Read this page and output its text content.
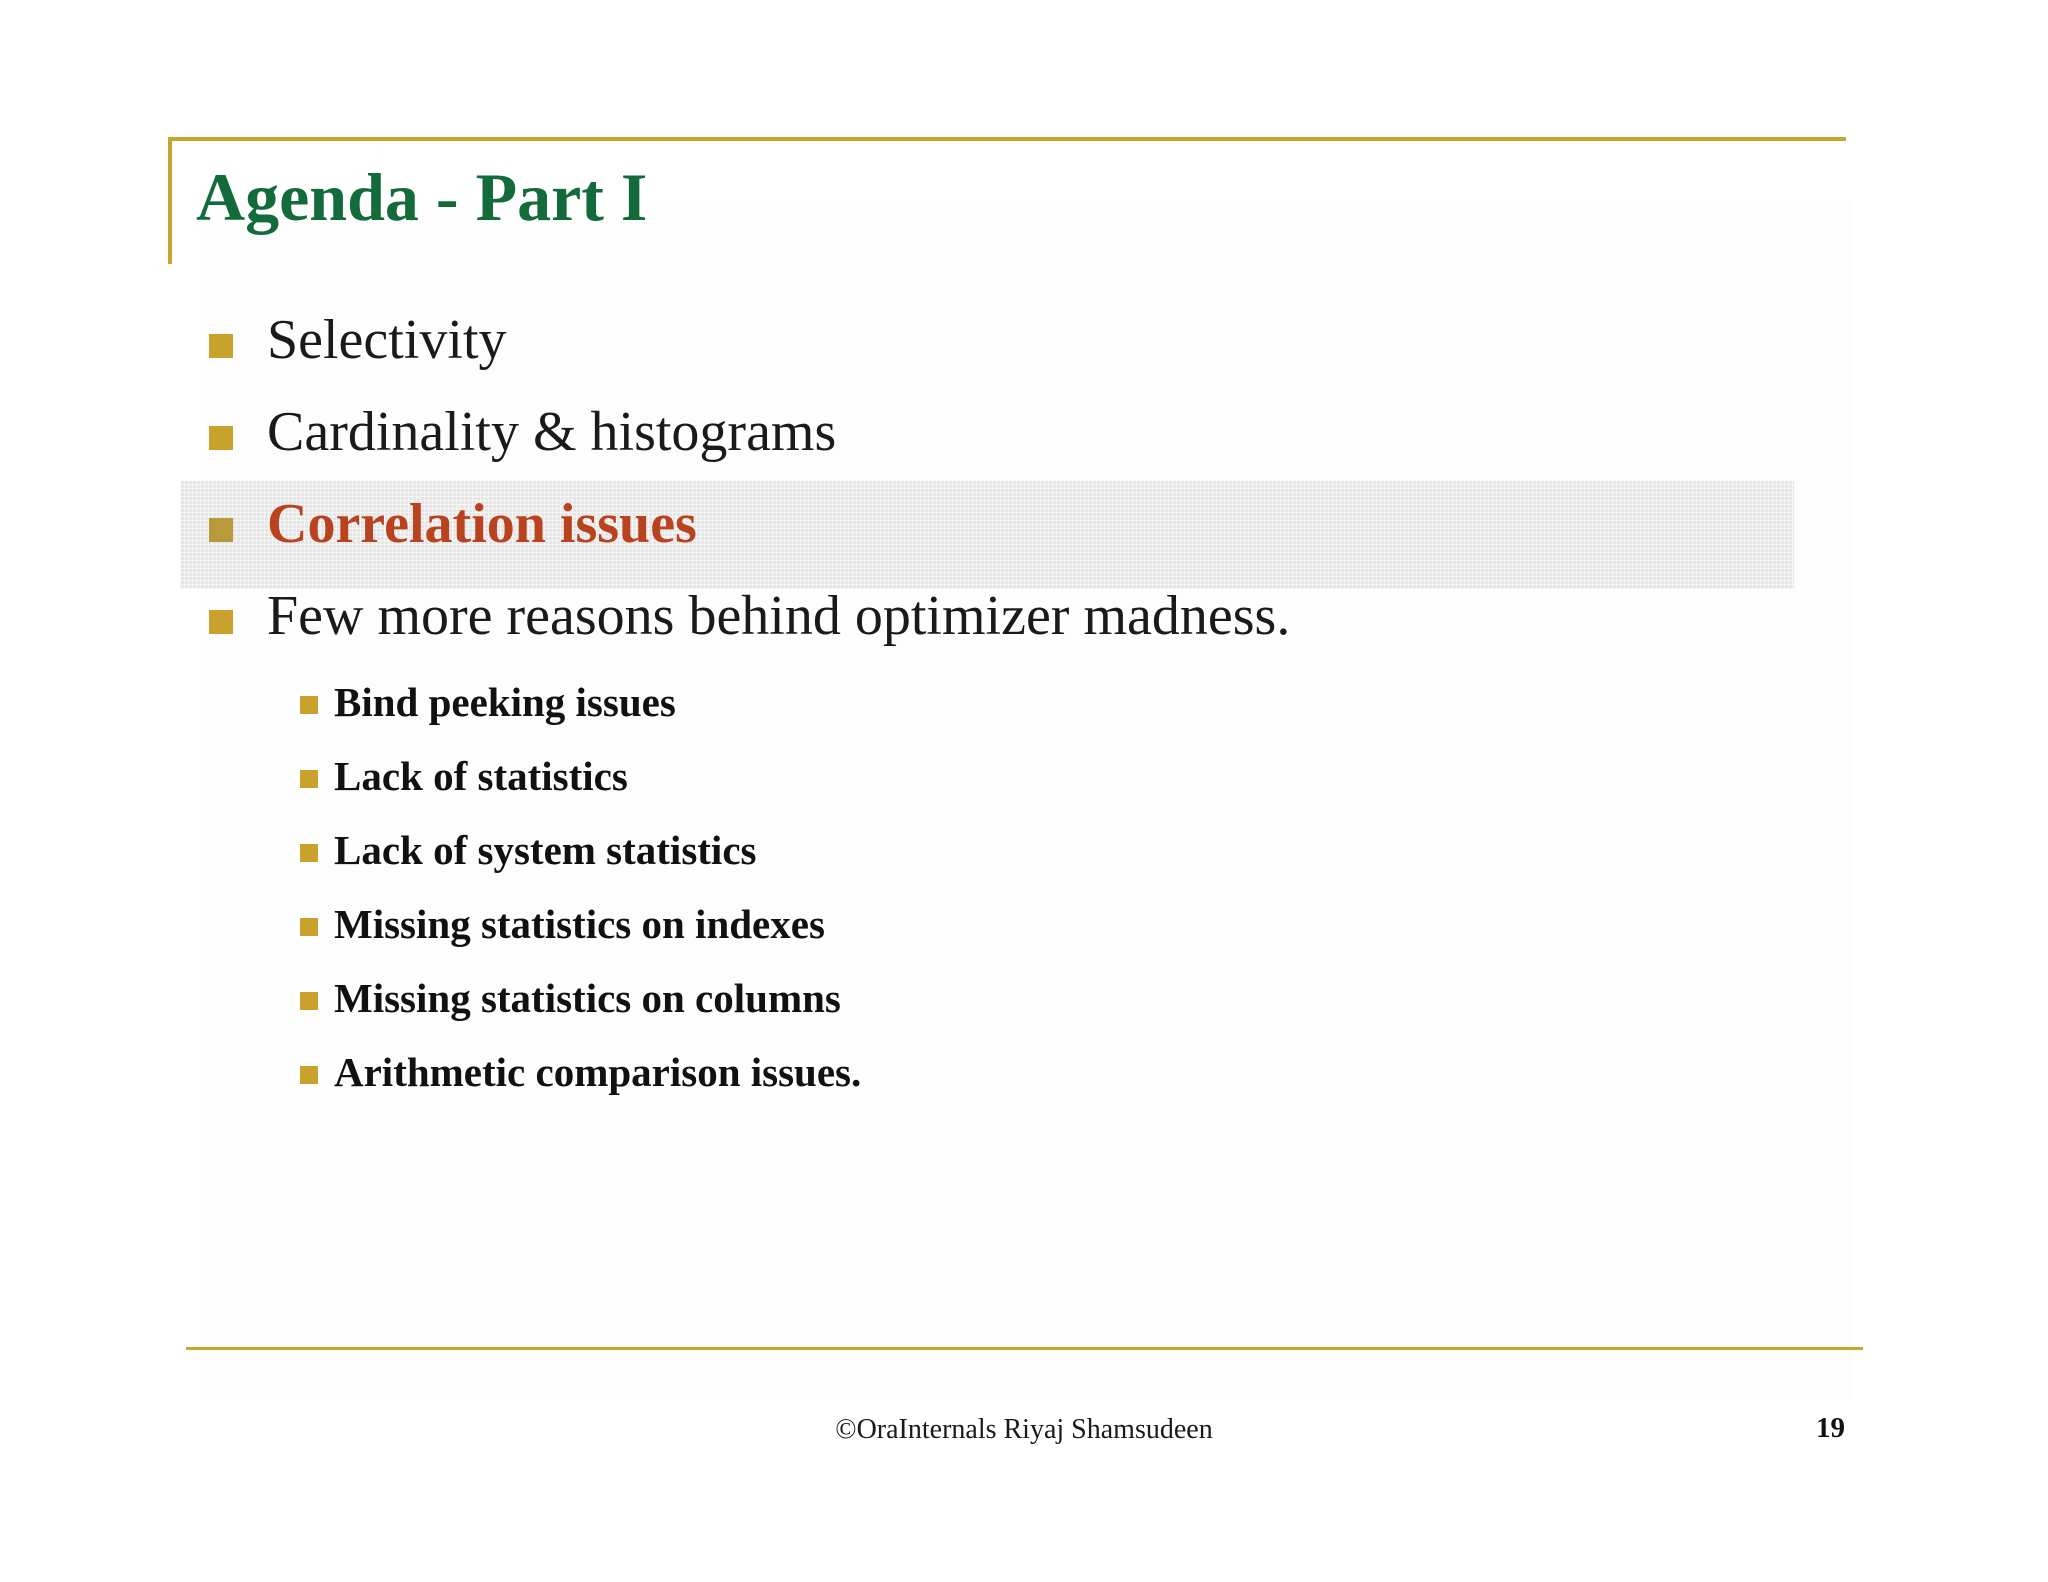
Agenda - Part I
Selectivity
Cardinality & histograms
Correlation issues
Few more reasons behind optimizer madness.
Bind peeking issues
Lack of statistics
Lack of system statistics
Missing statistics on indexes
Missing statistics on columns
Arithmetic comparison issues.
©OraInternals Riyaj Shamsudeen	19
